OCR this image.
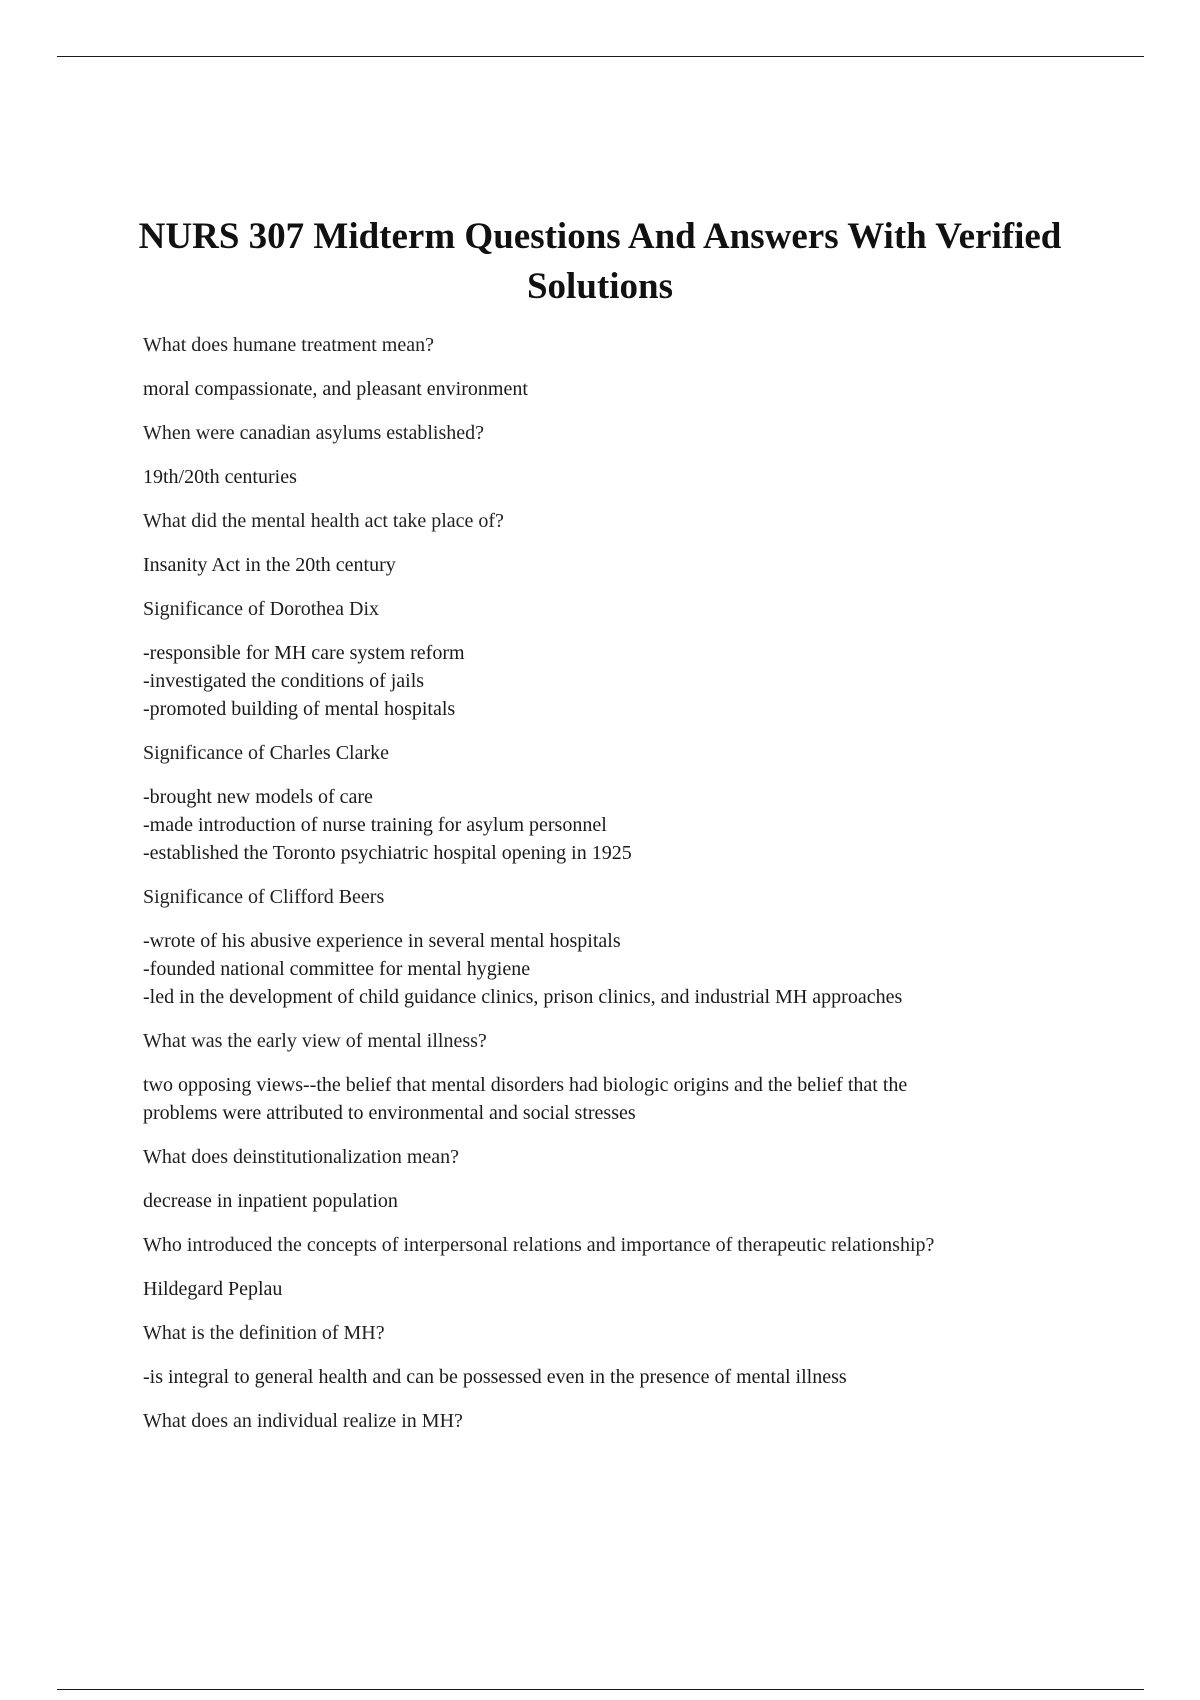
NURS 307 Midterm Questions And Answers With Verified Solutions

What does humane treatment mean?

moral compassionate, and pleasant environment

When were canadian asylums established?

19th/20th centuries

What did the mental health act take place of?

Insanity Act in the 20th century

Significance of Dorothea Dix

-responsible for MH care system reform
-investigated the conditions of jails
-promoted building of mental hospitals

Significance of Charles Clarke

-brought new models of care
-made introduction of nurse training for asylum personnel
-established the Toronto psychiatric hospital opening in 1925

Significance of Clifford Beers

-wrote of his abusive experience in several mental hospitals
-founded national committee for mental hygiene
-led in the development of child guidance clinics, prison clinics, and industrial MH approaches

What was the early view of mental illness?

two opposing views--the belief that mental disorders had biologic origins and the belief that the
problems were attributed to environmental and social stresses

What does deinstitutionalization mean?

decrease in inpatient population

Who introduced the concepts of interpersonal relations and importance of therapeutic relationship?

Hildegard Peplau

What is the definition of MH?

-is integral to general health and can be possessed even in the presence of mental illness

What does an individual realize in MH?
